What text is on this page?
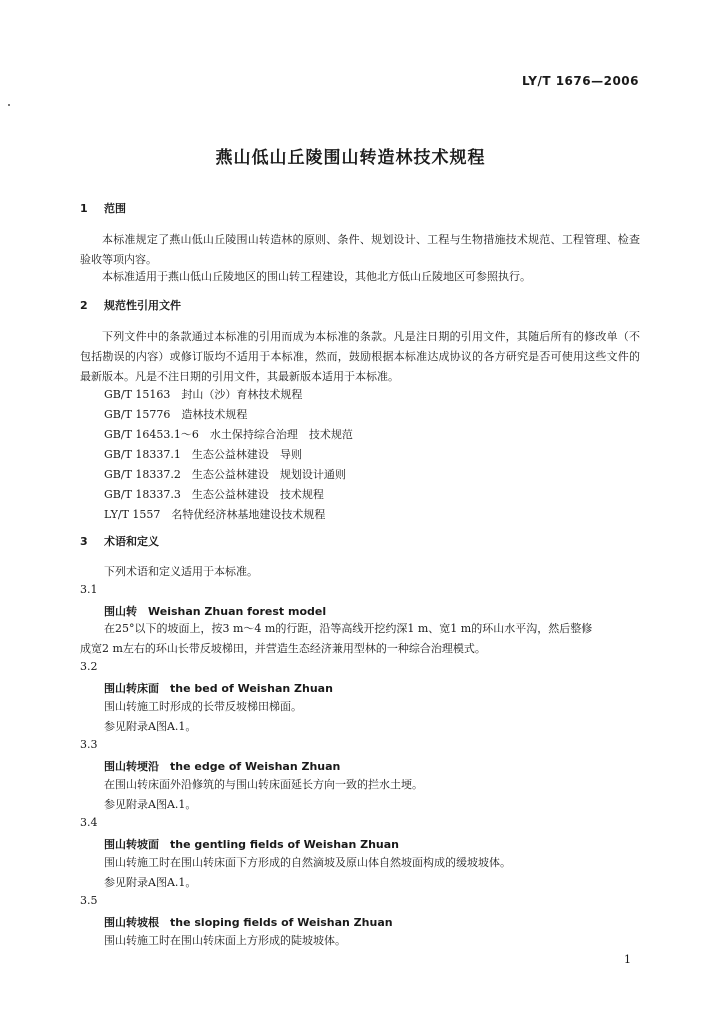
LY/T 1676—2006
燕山低山丘陵围山转造林技术规程
1 范围
本标准规定了燕山低山丘陵围山转造林的原则、条件、规划设计、工程与生物措施技术规范、工程管理、检查验收等项内容。
本标准适用于燕山低山丘陵地区的围山转工程建设，其他北方低山丘陵地区可参照执行。
2 规范性引用文件
下列文件中的条款通过本标准的引用而成为本标准的条款。凡是注日期的引用文件，其随后所有的修改单（不包括勘误的内容）或修订版均不适用于本标准，然而，鼓励根据本标准达成协议的各方研究是否可使用这些文件的最新版本。凡是不注日期的引用文件，其最新版本适用于本标准。
GB/T 15163　封山（沙）育林技术规程
GB/T 15776　造林技术规程
GB/T 16453.1～6　水土保持综合治理　技术规范
GB/T 18337.1　生态公益林建设　导则
GB/T 18337.2　生态公益林建设　规划设计通则
GB/T 18337.3　生态公益林建设　技术规程
LY/T 1557　名特优经济林基地建设技术规程
3 术语和定义
下列术语和定义适用于本标准。
3.1
围山转　Weishan Zhuan forest model
在25°以下的坡面上，按3 m～4 m的行距，沿等高线开挖约深1 m、宽1 m的环山水平沟，然后整修
成宽2 m左右的环山长带反坡梯田，并营造生态经济兼用型林的一种综合治理模式。
3.2
围山转床面　the bed of Weishan Zhuan
围山转施工时形成的长带反坡梯田梯面。
参见附录A图A.1。
3.3
围山转埂沿　the edge of Weishan Zhuan
在围山转床面外沿修筑的与围山转床面延长方向一致的拦水土埂。
参见附录A图A.1。
3.4
围山转坡面　the gentling fields of Weishan Zhuan
围山转施工时在围山转床面下方形成的自然滴坡及原山体自然坡面构成的缓坡坡体。
参见附录A图A.1。
3.5
围山转坡根　the sloping fields of Weishan Zhuan
围山转施工时在围山转床面上方形成的陡坡坡体。
1
